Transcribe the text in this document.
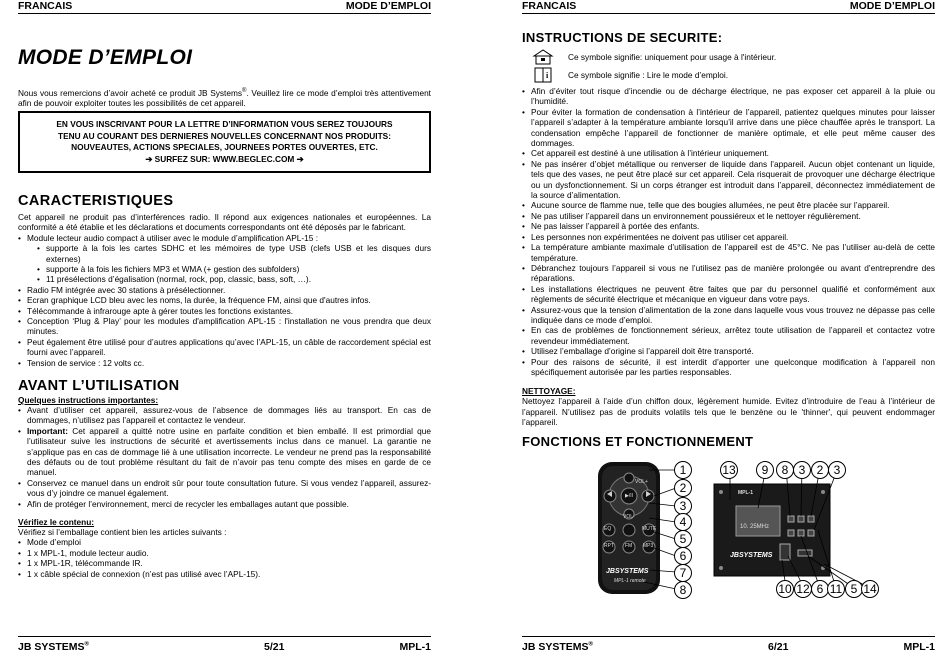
FRANCAIS	MODE D’EMPLOI
MODE D’EMPLOI

Nous vous remercions d’avoir acheté ce produit JB Systems®. Veuillez lire ce mode d’emploi très attentivement afin de pouvoir exploiter toutes les possibilités de cet appareil.

EN VOUS INSCRIVANT POUR LA LETTRE D’INFORMATION VOUS SEREZ TOUJOURS
TENU AU COURANT DES DERNIERES NOUVELLES CONCERNANT NOS PRODUITS:
NOUVEAUTES, ACTIONS SPECIALES, JOURNEES PORTES OUVERTES, ETC.
➔ SURFEZ SUR: WWW.BEGLEC.COM ➔
CARACTERISTIQUES

Cet appareil ne produit pas d’interférences radio. Il répond aux exigences nationales et européennes. La conformité a été établie et les déclarations et documents correspondants ont été déposés par le fabricant.

• Module lecteur audio compact à utiliser avec le module d’amplification APL-15 :
• supporte à la fois les cartes SDHC et les mémoires de type USB (clefs USB et les disques durs externes)
• supporte à la fois les fichiers MP3 et WMA (+ gestion des subfolders)
• 11 présélections d’égalisation (normal, rock, pop, classic, bass, soft, …).
• Radio FM intégrée avec 30 stations à présélectionner.
• Ecran graphique LCD bleu avec les noms, la durée, la fréquence FM, ainsi que d'autres infos.
• Télécommande à infrarouge apte à gérer toutes les fonctions existantes.
• Conception ‘Plug & Play’ pour les modules d'amplification APL-15 : l'installation ne vous prendra que deux minutes.
• Peut également être utilisé pour d’autres applications qu’avec l’APL-15, un câble de raccordement spécial est fourni avec l’appareil.
• Tension de service : 12 volts cc.
AVANT L’UTILISATION
Quelques instructions importantes:
• Avant d’utiliser cet appareil, assurez-vous de l’absence de dommages liés au transport. En cas de dommages, n’utilisez pas l’appareil et contactez le vendeur.
• Important: Cet appareil a quitté notre usine en parfaite condition et bien emballé. Il est primordial que l’utilisateur suive les instructions de sécurité et avertissements inclus dans ce manuel. La garantie ne s’applique pas en cas de dommage lié à une utilisation incorrecte. Le vendeur ne prend pas la responsabilité des défauts ou de tout problème résultant du fait de n’avoir pas tenu compte des mises en garde de ce manuel.
• Conservez ce manuel dans un endroit sûr pour toute consultation future. Si vous vendez l’appareil, assurez-vous d’y joindre ce manuel également.
• Afin de protéger l’environnement, merci de recycler les emballages autant que possible.
Vérifiez le contenu:

Vérifiez si l’emballage contient bien les articles suivants :

• Mode d’emploi
• 1 x MPL-1, module lecteur audio.
• 1 x MPL-1R, télécommande IR.
• 1 x câble spécial de connexion (n’est pas utilisé avec l’APL-15).
JB SYSTEMS®	5/21	MPL-1
FRANCAIS	MODE D’EMPLOI
INSTRUCTIONS DE SECURITE:

Ce symbole signifie: uniquement pour usage à l'intérieur.

i Ce symbole signifie : Lire le mode d’emploi.

• Afin d’éviter tout risque d’incendie ou de décharge électrique, ne pas exposer cet appareil à la pluie ou l’humidité.
• Pour éviter la formation de condensation à l’intérieur de l’appareil, patientez quelques minutes pour laisser l’appareil s’adapter à la température ambiante lorsqu’il arrive dans une pièce chauffée après le transport. La condensation empêche l’appareil de fonctionner de manière optimale, et elle peut même causer des dommages.
• Cet appareil est destiné à une utilisation à l’intérieur uniquement.
• Ne pas insérer d’objet métallique ou renverser de liquide dans l’appareil. Aucun objet contenant un liquide, tels que des vases, ne peut être placé sur cet appareil. Cela risquerait de provoquer une décharge électrique ou un dysfonctionnement. Si un corps étranger est introduit dans l’appareil, déconnectez immédiatement de la source d’alimentation.
• Aucune source de flamme nue, telle que des bougies allumées, ne peut être placée sur l’appareil.
• Ne pas utiliser l’appareil dans un environnement poussiéreux et le nettoyer régulièrement.
• Ne pas laisser l’appareil à portée des enfants.
• Les personnes non expérimentées ne doivent pas utiliser cet appareil.
• La température ambiante maximale d’utilisation de l’appareil est de 45°C. Ne pas l’utiliser au-delà de cette température.
• Débranchez toujours l’appareil si vous ne l’utilisez pas de manière prolongée ou avant d’entreprendre des réparations.
• Les installations électriques ne peuvent être faites que par du personnel qualifié et conformément aux règlements de sécurité électrique et mécanique en vigueur dans votre pays.
• Assurez-vous que la tension d’alimentation de la zone dans laquelle vous vous trouvez ne dépasse pas celle indiquée dans ce mode d’emploi.
• En cas de problèmes de fonctionnement sérieux, arrêtez toute utilisation de l’appareil et contactez votre revendeur immédiatement.
• Utilisez l’emballage d’origine si l’appareil doit être transporté.
• Pour des raisons de sécurité, il est interdit d’apporter une quelconque modification à l’appareil non spécifiquement autorisée par les parties responsables.
NETTOYAGE:

Nettoyez l’appareil à l’aide d’un chiffon doux, légèrement humide. Evitez d’introduire de l’eau à l’intérieur de l’appareil. N’utilisez pas de produits volatils tels que le benzène ou le 'thinner', qui peuvent endommager l’appareil.

FONCTIONS ET FONCTIONNEMENT
VOL+
VOL-
EQ	MUTE
RPT FM MP3
▶/II
JBSYSTEMS
MPL-1 remote
1
2
3
4
5
6
7
8
MPL-1
10. 25MHz
JBSYSTEMS
13	9	8 3 2 3
10 12 6 11 5 14
JB SYSTEMS®	6/21	MPL-1
